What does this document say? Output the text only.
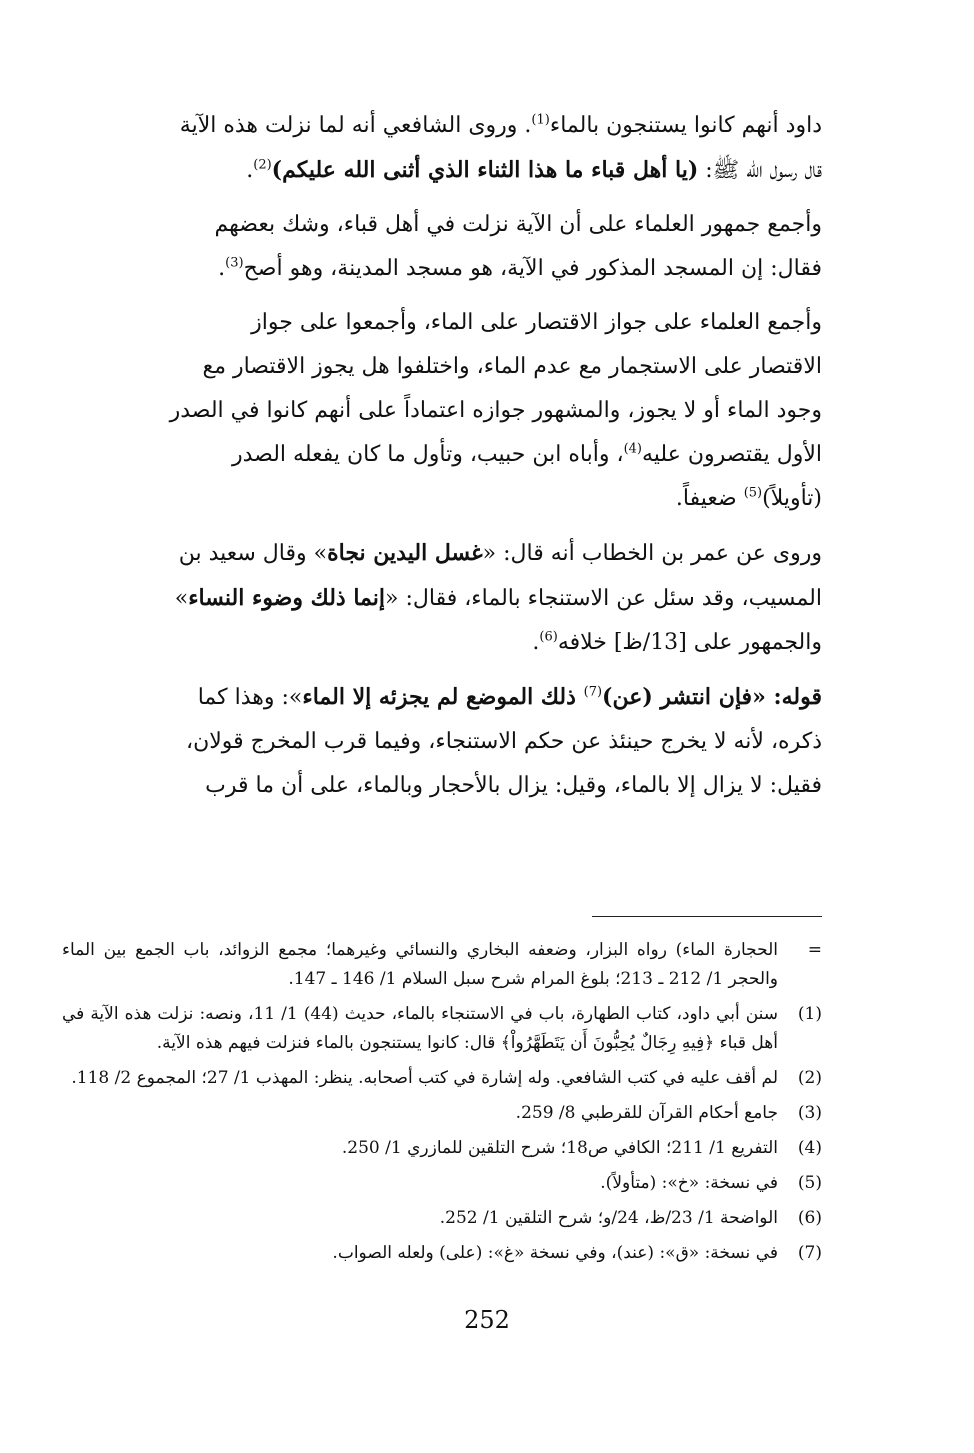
داود أنهم كانوا يستنجون بالماء$^{(1)}$. وروى الشافعي أنه لما نزلت هذه الآية

قال رسول الله ﷺ: (يا أهل قباء ما هذا الثناء الذي أثنى الله عليكم)$^{(2)}$.

وأجمع جمهور العلماء على أن الآية نزلت في أهل قباء، وشك بعضهم

فقال: إن المسجد المذكور في الآية، هو مسجد المدينة، وهو أصح$^{(3)}$.

وأجمع العلماء على جواز الاقتصار على الماء، وأجمعوا على جواز

الاقتصار على الاستجمار مع عدم الماء، واختلفوا هل يجوز الاقتصار مع

وجود الماء أو لا يجوز، والمشهور جوازه اعتماداً على أنهم كانوا في الصدر

الأول يقتصرون عليه$^{(4)}$، وأباه ابن حبيب، وتأول ما كان يفعله الصدر

(تأويلاً)$^{(5)}$ ضعيفاً.

وروى عن عمر بن الخطاب أنه قال: «غسل اليدين نجاة» وقال سعيد بن

المسيب، وقد سئل عن الاستنجاء بالماء، فقال: «إنما ذلك وضوء النساء»

والجمهور على [13/ظ] خلافه$^{(6)}$.

قوله: «فإن انتشر (عن)$^{(7)}$ ذلك الموضع لم يجزئه إلا الماء»: وهذا كما

ذكره، لأنه لا يخرج حينئذ عن حكم الاستنجاء، وفيما قرب المخرج قولان،

فقيل: لا يزال إلا بالماء، وقيل: يزال بالأحجار وبالماء، على أن ما قرب

=
الحجارة الماء) رواه البزار، وضعفه البخاري والنسائي وغيرهما؛ مجمع الزوائد، باب الجمع بين الماء والحجر 1/ 212 ـ 213؛ بلوغ المرام شرح سبل السلام 1/ 146 ـ 147.
(1)
سنن أبي داود، كتاب الطهارة، باب في الاستنجاء بالماء، حديث (44) 1/ 11، ونصه: نزلت هذه الآية في أهل قباء ﴿فِيهِ رِجَالٌ يُحِبُّونَ أَن يَتَطَهَّرُواْ﴾ قال: كانوا يستنجون بالماء فنزلت فيهم هذه الآية.
(2)
لم أقف عليه في كتب الشافعي. وله إشارة في كتب أصحابه. ينظر: المهذب 1/ 27؛ المجموع 2/ 118.
(3)
جامع أحكام القرآن للقرطبي 8/ 259.
(4)
التفريع 1/ 211؛ الكافي ص18؛ شرح التلقين للمازري 1/ 250.
(5)
في نسخة: «خ»: (متأولاً).
(6)
الواضحة 1/ 23/ظ، 24/و؛ شرح التلقين 1/ 252.
(7)
في نسخة: «ق»: (عند)، وفي نسخة «غ»: (على) ولعله الصواب.
252
